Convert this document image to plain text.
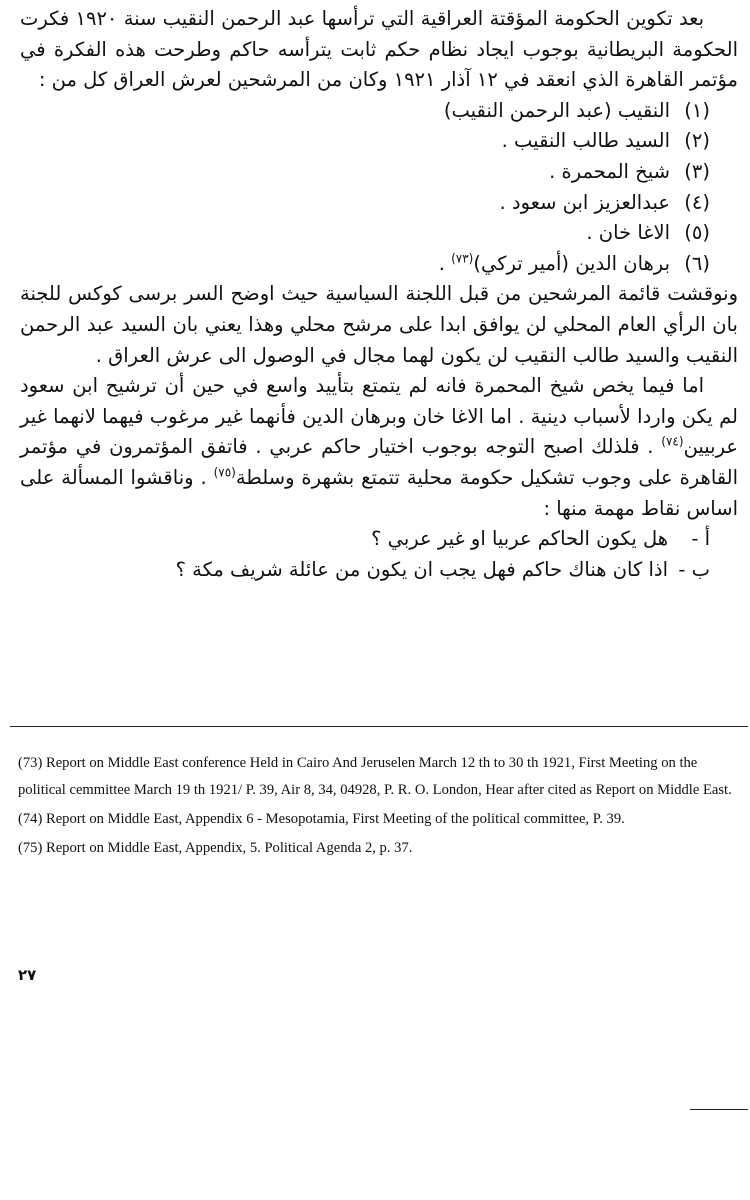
بعد تكوين الحكومة المؤقتة العراقية التي ترأسها عبد الرحمن النقيب سنة ١٩٢٠ فكرت الحكومة البريطانية بوجوب ايجاد نظام حكم ثابت يترأسه حاكم وطرحت هذه الفكرة في مؤتمر القاهرة الذي انعقد في ١٢ آذار ١٩٢١ وكان من المرشحين لعرش العراق كل من :

(١)النقيب (عبد الرحمن النقيب)
(٢)السيد طالب النقيب .
(٣)شيخ المحمرة .
(٤)عبدالعزيز ابن سعود .
(٥)الاغا خان .
(٦)برهان الدين (أمير تركي)$^{(٧٣)}$ .

ونوقشت قائمة المرشحين من قبل اللجنة السياسية حيث اوضح السر برسى كوكس للجنة بان الرأي العام المحلي لن يوافق ابدا على مرشح محلي وهذا يعني بان السيد عبد الرحمن النقيب والسيد طالب النقيب لن يكون لهما مجال في الوصول الى عرش العراق .

اما فيما يخص شيخ المحمرة فانه لم يتمتع بتأييد واسع في حين أن ترشيح ابن سعود لم يكن واردا لأسباب دينية . اما الاغا خان وبرهان الدين فأنهما غير مرغوب فيهما لانهما غير عربيين$^{(٧٤)}$ . فلذلك اصبح التوجه بوجوب اختيار حاكم عربي . فاتفق المؤتمرون في مؤتمر القاهرة على وجوب تشكيل حكومة محلية تتمتع بشهرة وسلطة$^{(٧٥)}$ . وناقشوا المسألة على اساس نقاط مهمة منها :

أ -هل يكون الحاكم عربيا او غير عربي ؟
ب -اذا كان هناك حاكم فهل يجب ان يكون من عائلة شريف مكة ؟

(73) Report on Middle East conference Held in Cairo And Jeruselen March 12 th to 30 th 1921, First Meeting on the political cemmittee March 19 th 1921/ P. 39, Air 8, 34, 04928, P. R. O. London, Hear after cited as Report on Middle East.

(74) Report on Middle East, Appendix 6 - Mesopotamia, First Meeting of the political committee, P. 39.

(75) Report on Middle East, Appendix, 5. Political Agenda 2, p. 37.

٢٧
